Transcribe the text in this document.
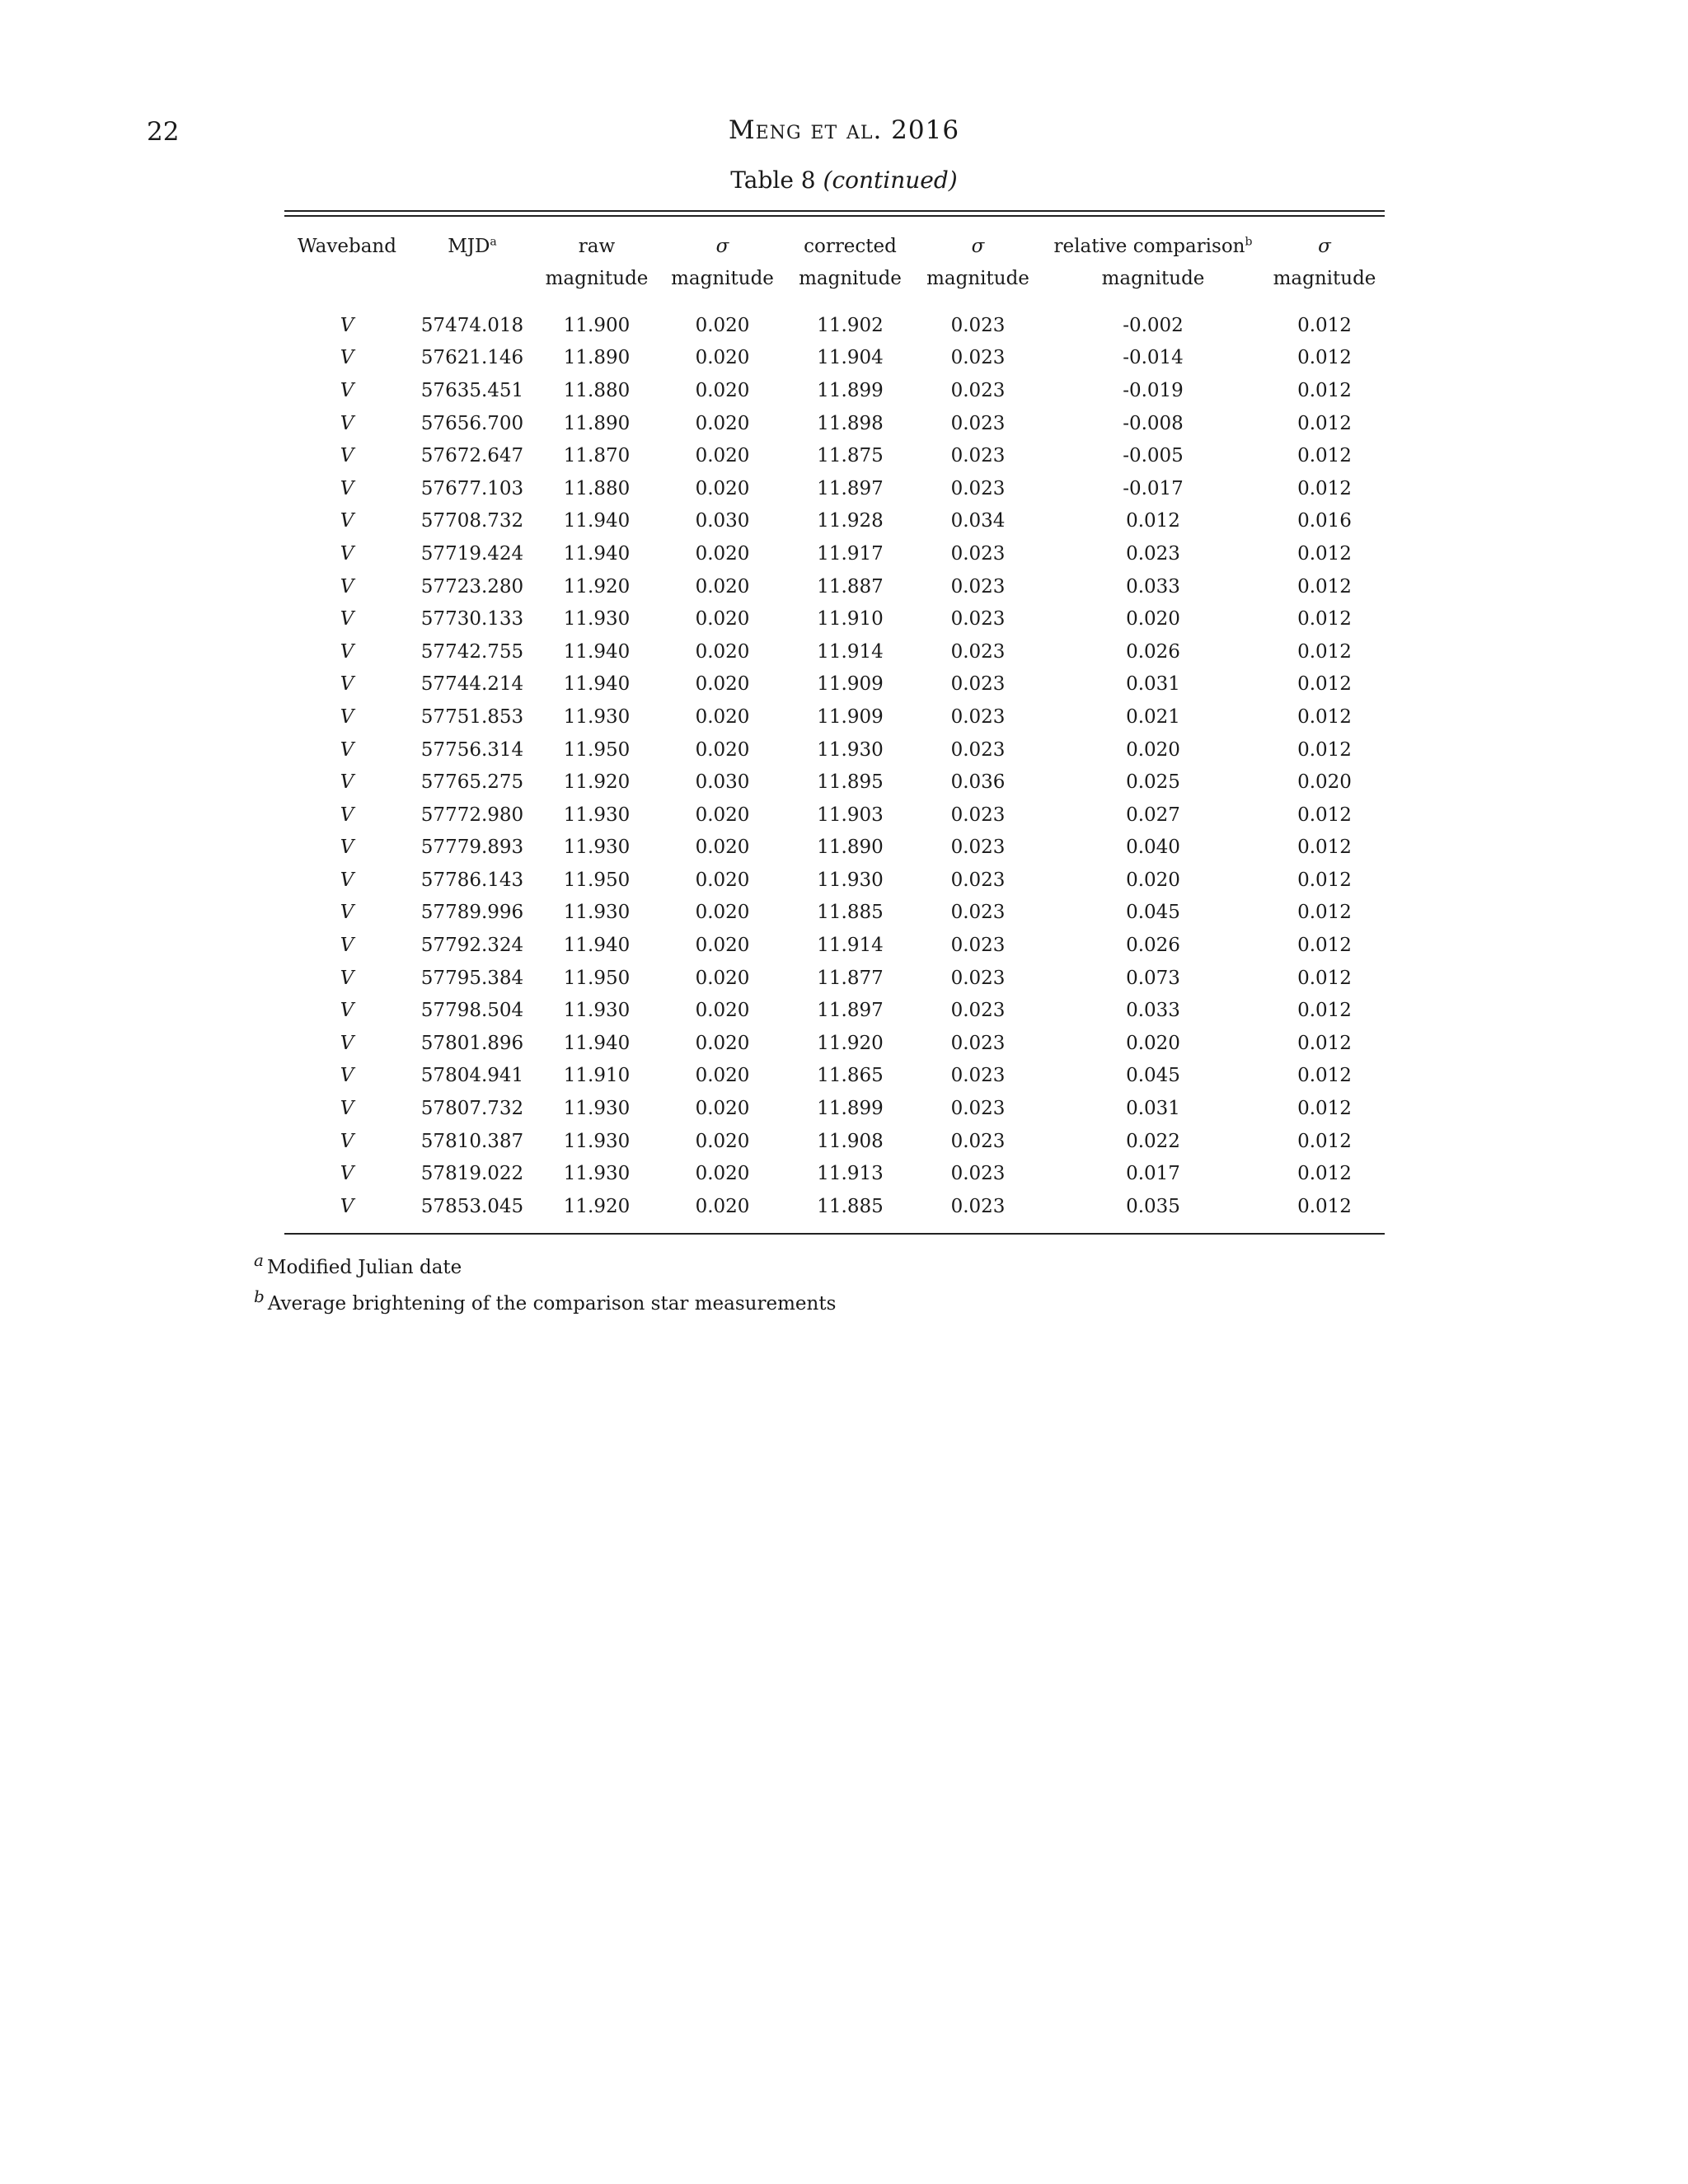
22	Meng et al. 2016
Table 8 (continued)
Waveband	MJD$^a$	raw	σ	corrected	σ	relative comparison$^b$	σ
		magnitude	magnitude	magnitude	magnitude	magnitude	magnitude
V	57474.018	11.900	0.020	11.902	0.023	-0.002	0.012
V	57621.146	11.890	0.020	11.904	0.023	-0.014	0.012
V	57635.451	11.880	0.020	11.899	0.023	-0.019	0.012
V	57656.700	11.890	0.020	11.898	0.023	-0.008	0.012
V	57672.647	11.870	0.020	11.875	0.023	-0.005	0.012
V	57677.103	11.880	0.020	11.897	0.023	-0.017	0.012
V	57708.732	11.940	0.030	11.928	0.034	0.012	0.016
V	57719.424	11.940	0.020	11.917	0.023	0.023	0.012
V	57723.280	11.920	0.020	11.887	0.023	0.033	0.012
V	57730.133	11.930	0.020	11.910	0.023	0.020	0.012
V	57742.755	11.940	0.020	11.914	0.023	0.026	0.012
V	57744.214	11.940	0.020	11.909	0.023	0.031	0.012
V	57751.853	11.930	0.020	11.909	0.023	0.021	0.012
V	57756.314	11.950	0.020	11.930	0.023	0.020	0.012
V	57765.275	11.920	0.030	11.895	0.036	0.025	0.020
V	57772.980	11.930	0.020	11.903	0.023	0.027	0.012
V	57779.893	11.930	0.020	11.890	0.023	0.040	0.012
V	57786.143	11.950	0.020	11.930	0.023	0.020	0.012
V	57789.996	11.930	0.020	11.885	0.023	0.045	0.012
V	57792.324	11.940	0.020	11.914	0.023	0.026	0.012
V	57795.384	11.950	0.020	11.877	0.023	0.073	0.012
V	57798.504	11.930	0.020	11.897	0.023	0.033	0.012
V	57801.896	11.940	0.020	11.920	0.023	0.020	0.012
V	57804.941	11.910	0.020	11.865	0.023	0.045	0.012
V	57807.732	11.930	0.020	11.899	0.023	0.031	0.012
V	57810.387	11.930	0.020	11.908	0.023	0.022	0.012
V	57819.022	11.930	0.020	11.913	0.023	0.017	0.012
V	57853.045	11.920	0.020	11.885	0.023	0.035	0.012
$^a$ Modified Julian date
$^b$ Average brightening of the comparison star measurements
